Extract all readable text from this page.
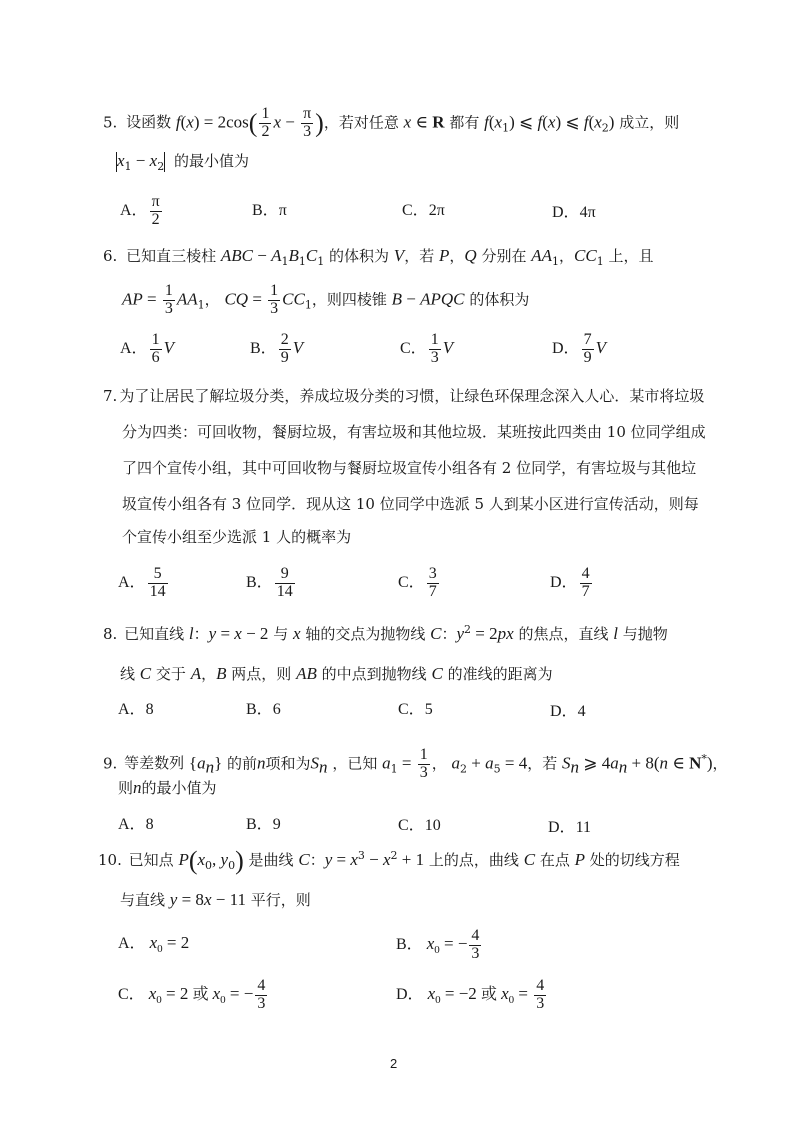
5. 设函数 $f(x) = 2\cos( \frac{1}{2}$ $x - \frac{\pi}{3}$ )，若对任意 x ∈ R 都有 $f(x_1)$ ⩽ f(x) ⩽ $f(x_2)$ 成立，则
$x_1 - x_2$ 的最小值为
A． $\frac{\pi}{2}$	B．π	C．2π	D．4π
6. 已知直三棱柱 ABC − $A_1B_1C_1$ 的体积为 V，若 P，Q 分别在 $AA_1$，$CC_1$ 上，且
AP = $\frac{1}{3} AA_1$， CQ = $\frac{1}{3} CC_1$，则四棱锥 B − APQC 的体积为
A． $\frac{1}{6}$ V	B． $\frac{2}{9}$ V	C． $\frac{1}{3}$ V	D． $\frac{7}{9}$ V
7. 为了让居民了解垃圾分类，养成垃圾分类的习惯，让绿色环保理念深入人心．某市将垃圾
分为四类：可回收物，餐厨垃圾，有害垃圾和其他垃圾．某班按此四类由 10 位同学组成
了四个宣传小组，其中可回收物与餐厨垃圾宣传小组各有 2 位同学，有害垃圾与其他垃
圾宣传小组各有 3 位同学．现从这 10 位同学中选派 5 人到某小区进行宣传活动，则每
个宣传小组至少选派 1 人的概率为
A． $\frac{5}{14}$	B． $\frac{9}{14}$	C． $\frac{3}{7}$	D． $\frac{4}{7}$
8. 已知直线 l：y = x − 2 与 x 轴的交点为抛物线 C：$y^2 = 2px$ 的焦点，直线 l 与抛物
线 C 交于 A，B 两点，则 AB 的中点到抛物线 C 的准线的距离为
A．8	B．6	C．5	D．4
9. 等差数列 $\{a_n\}$ 的前n项和为$S_n$ ，已知 $a_1 = \frac{1}{3}$ ， $a_2 + a_5 = 4$，若 $S_n$ ⩾ $4a_n + 8(n$ ∈ N*)，
则n的最小值为
A．8	B．9	C．10	D．11
10. 已知点 $P(x_0$, $y_0$) 是曲线 C：$y = x^3 - x^2 + 1$ 上的点，曲线 C 在点 P 处的切线方程
与直线 y = 8x − 11 平行，则
A． $x_0 = 2$	B． $x_0$ = − $\frac{4}{3}$
C． $x_0 = 2$ 或 $x_0$ = − $\frac{4}{3}$	D． $x_0 = -2$ 或 $x_0 = \frac{4}{3}$
2
